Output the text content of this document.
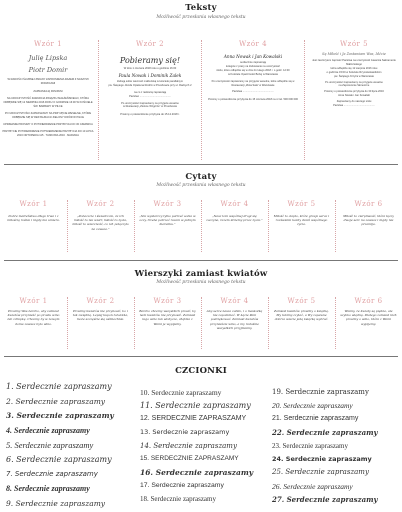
Teksty
Możliwość przesłania własnego tekstu
Wzór 1
Julię Lipska
Piotr Domir
W RADOŚCI ŚLUBNEJ ZMIANY ZAPROSZENIA RAZEM Z NASZYMI RODZICAMI
ZAPRASZAJĄ PAN/PANI
NA UROCZYSTOŚĆ ZAWARCIA ZWIĄZKU MAŁŻEŃSKIEGO, KTÓRA ODBĘDZIE SIĘ 12 SIERPNIA 2016 ROKU O GODZINIE 16:00 W KOŚCIELE ŚW. BARBARY W PIŁCE
PO UROCZYSTOŚCI ZAPRASZAMY NA PRZYJĘCIE WESELNE, KTÓRE ODBĘDZIE SIĘ W RESTAURACJI ZIELONY DWÓR W PIŁCE
UPRZEJMIE PROSIMY O POTWIERDZENIE PRZYBYCIA DO 30 CZERWCA
PRZYBYCIE POTWIERDZENIE POTWIERDZENIE PRZYBYCIA DO 10 LIPCA 2016 ORTOPEDIA 115 · TANKOWA 2016 · MARIANA
Wzór 2
Pobieramy się!
W dniu 1 czerwca 2018 roku o godzinie 16:00
Paula Nowak i Dominik Zalek
ślubują sobie wierność małżeńską w kościele parafialnym
pw. Świętego Józefa Opiekuna Rodzin w Pruszkowie przy ul. Radnych 2
na co z radością zapraszają
Państwo ...........................................
Po uroczystości zapraszamy na przyjęcie weselne
w Restauracji „Zielone Wzgórze” w Pruszkowie
Prosimy o potwierdzenie przybycia do 15.12.2018 r.
Wzór 4
Anna Nowak i Jan Kowalski
serdecznie zapraszają
kolegów z pracy na ślubowanie na uroczystość
ślubu, które odbędzie się w dniu 11 lutego 2018 r. o godz. 12:00
w Kościele Opatrzności Bożej w Warszawie
Po uroczystości zapraszamy na przyjęcie weselne, które odbędzie się w Restauracji „Złota Sala” w Warszawie
Państwa ...........................................
Prosimy o potwierdzenie przybycia do 15 czerwca 2018 na nr tel. 500 000 000
Wzór 5
Są Miłość i Ja Zostawiam Was, Idźcie
Jest zaszczytem zaprosić Państwa na uroczystość zawarcia Sakramentu Małżeńskiego
która odbędzie się 12 sierpnia 2016 roku
o godzinie 15:00 w Kościele Rzymskokatolickim
pw. Świętego Krzyża w Warszawie
Po uroczystości zapraszamy na przyjęcie weselne
na Zaproszenie Słoneczne
Prosimy o potwierdzenie przybycia do 30 lipca 2016
Anna Nowak i Jan Kowalski
Zapraszamy do naszego stołu
Państwa ...........................................
Cytaty
Możliwość przesłania własnego tekstu
Wzór 1
Dobre małżeństwo długo trwa i z miłością rośnie i nigdy nie umiera.
Wzór 2
„Zobaczcie i świadczcie, że ich miłość to nie wiatr, miłość to życie, miłość to wieczność, co ich połączyło na zawsze.”
Wzór 3
„Nie wystarczy tylko patrzeć sobie w oczy, trzeba patrzeć razem w jednym kierunku.”
Wzór 4
„Nasz tom wspólnej drogi się zaczyna, razem idziemy przez życie.”
Wzór 5
Miłość to ciepło, które grzeje serce i rozświetla każdy dzień wspólnego życia.
Wzór 6
Miłość to cierpliwość, która łączy dwoje serc na zawsze i nigdy nie przemija.
Wierszyki zamiast kwiatów
Możliwość przesłania własnego tekstu
Wzór 1
Prosimy Was bardzo, aby zamiast kwiatów przynieść po prostu wino lub zdrapkę. Chcemy by w nowym domu zawsze było wino.
Wzór 2
Prosimy kwiatów nie przynosić, bo i tak zwiędną. Lepiej kupon totolotka, może szczęście się uśmiechnie.
Wzór 3
Bardzo chcemy wszystkich prosić, by nam kwiatów nie przynosić. Zamiast tego wino lub słodycze, chętnie z Wami je wypijemy.
Wzór 4
Aby serce nasze zabiło, i o maskotkę nie zapomnieć. W kącie Pani podziękować. Zamiast kwiatów przynieście wino, a my radośnie wszystkich przyjmiemy.
Wzór 5
Zamiast kwiatów prosimy o książkę. My lubimy czytać, a Wy zapewne dobrze wiecie jaką książkę wybrać.
Wzór 6
Wiemy, że kwiaty są piękne, ale szybko więdną. Dlatego zamiast nich prosimy o wino, które z Wami wypijemy.
CZCIONKI
1. Serdecznie zapraszamy
2. Serdecznie zapraszamy
3. Serdecznie zapraszamy
4. Serdecznie zapraszamy
5. Serdecznie zapraszamy
6. Serdecznie zapraszamy
7. Serdecznie zapraszamy
8. Serdecznie zapraszamy
9. Serdecznie zapraszamy
10. Serdecznie zapraszamy
11. Serdecznie zapraszamy
12. SERDECZNIE ZAPRASZAMY
13. Serdecznie zapraszamy
14. Serdecznie zapraszamy
15. SERDECZNIE ZAPRASZAMY
16. Serdecznie zapraszamy
17. Serdecznie zapraszamy
18. Serdecznie zapraszamy
19. Serdecznie zapraszamy
20. Serdecznie zapraszamy
21. Serdecznie zapraszamy
22. Serdecznie zapraszamy
23. Serdecznie zapraszamy
24. Serdecznie zapraszamy
25. Serdecznie zapraszamy
26. Serdecznie zapraszamy
27. Serdecznie zapraszamy
